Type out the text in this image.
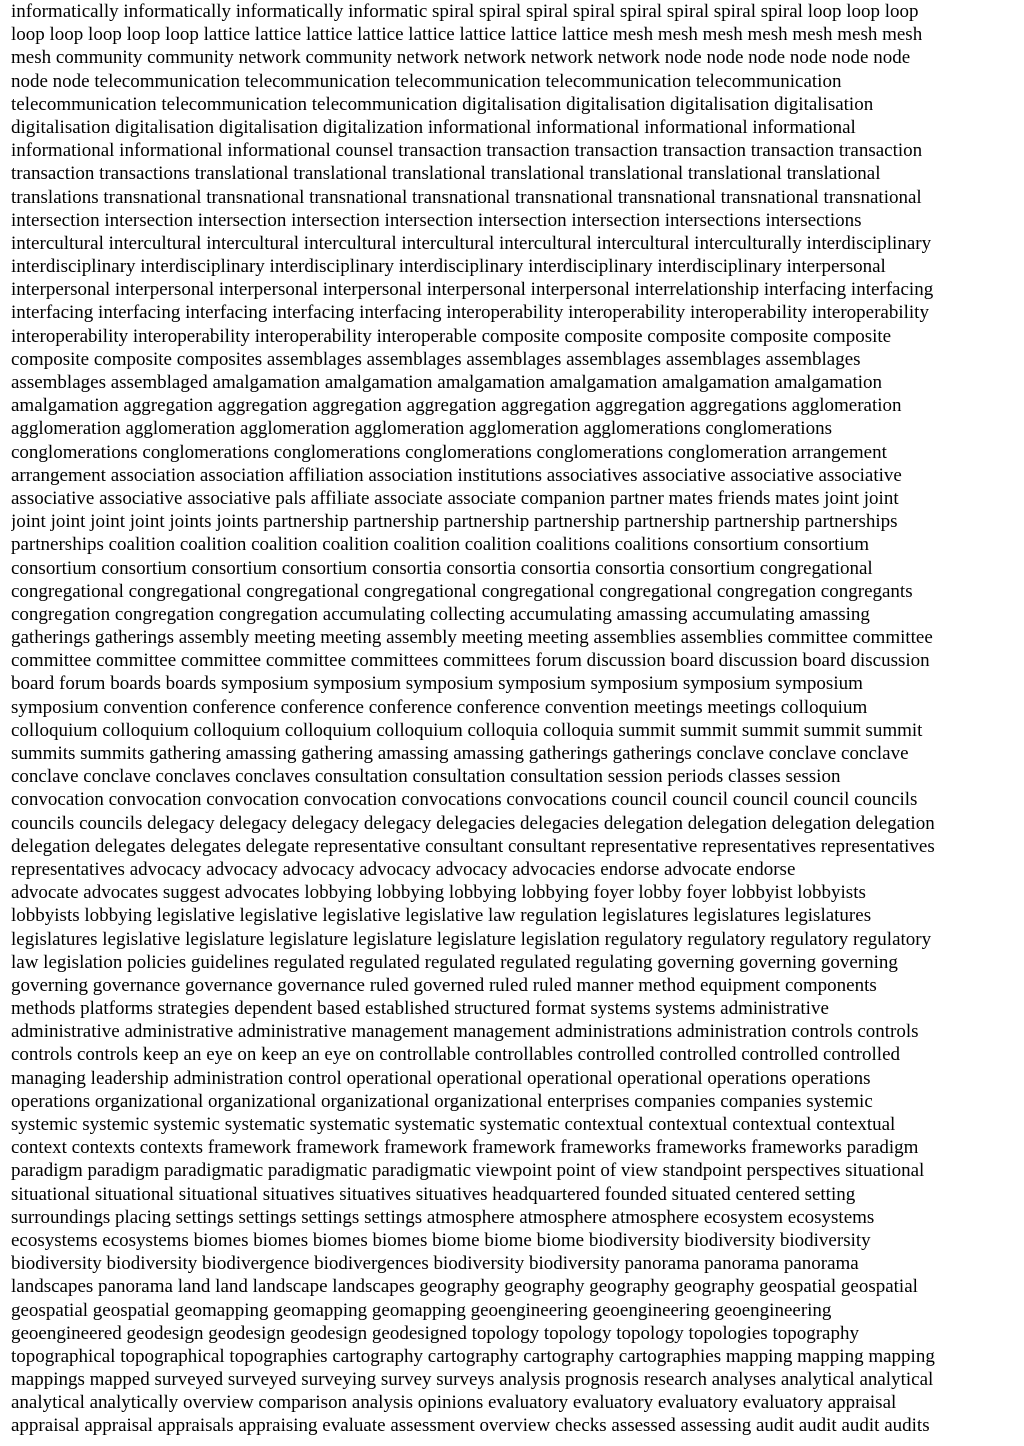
informatically informatically informatically informatic spiral spiral spiral spiral spiral spiral spiral spiral loop loop loop
loop loop loop loop loop lattice lattice lattice lattice lattice lattice lattice lattice mesh mesh mesh mesh mesh mesh mesh
mesh community community network community network network network network node node node node node node
node node telecommunication telecommunication telecommunication telecommunication telecommunication
telecommunication telecommunication telecommunication digitalisation digitalisation digitalisation digitalisation
digitalisation digitalisation digitalisation digitalization informational informational informational informational
informational informational informational counsel transaction transaction transaction transaction transaction transaction
transaction transactions translational translational translational translational translational translational translational
translations transnational transnational transnational transnational transnational transnational transnational transnational
intersection intersection intersection intersection intersection intersection intersection intersections intersections
intercultural intercultural intercultural intercultural intercultural intercultural intercultural interculturally interdisciplinary
interdisciplinary interdisciplinary interdisciplinary interdisciplinary interdisciplinary interdisciplinary interpersonal
interpersonal interpersonal interpersonal interpersonal interpersonal interpersonal interrelationship interfacing interfacing
interfacing interfacing interfacing interfacing interfacing interoperability interoperability interoperability interoperability
interoperability interoperability interoperability interoperable composite composite composite composite composite
composite composite composites assemblages assemblages assemblages assemblages assemblages assemblages
assemblages assemblaged amalgamation amalgamation amalgamation amalgamation amalgamation amalgamation
amalgamation aggregation aggregation aggregation aggregation aggregation aggregation aggregations agglomeration
agglomeration agglomeration agglomeration agglomeration agglomeration agglomerations conglomerations
conglomerations conglomerations conglomerations conglomerations conglomerations conglomeration arrangement
arrangement association association affiliation association institutions associatives associative associative associative
associative associative associative pals affiliate associate associate companion partner mates friends mates joint joint
joint joint joint joint joints joints partnership partnership partnership partnership partnership partnership partnerships
partnerships coalition coalition coalition coalition coalition coalition coalitions coalitions consortium consortium
consortium consortium consortium consortium consortia consortia consortia consortia consortium congregational
congregational congregational congregational congregational congregational congregational congregation congregants
congregation congregation congregation accumulating collecting accumulating amassing accumulating amassing
gatherings gatherings assembly meeting meeting assembly meeting meeting assemblies assemblies committee committee
committee committee committee committee committees committees forum discussion board discussion board discussion
board forum boards boards symposium symposium symposium symposium symposium symposium symposium
symposium convention conference conference conference conference convention meetings meetings colloquium
colloquium colloquium colloquium colloquium colloquium colloquia colloquia summit summit summit summit summit
summits summits gathering amassing gathering amassing amassing gatherings gatherings conclave conclave conclave
conclave conclave conclaves conclaves consultation consultation consultation session periods classes session
convocation convocation convocation convocation convocations convocations council council council council councils
councils councils delegacy delegacy delegacy delegacy delegacies delegacies delegation delegation delegation delegation
delegation delegates delegates delegate representative consultant consultant representative representatives representatives
representatives advocacy advocacy advocacy advocacy advocacy advocacies endorse advocate endorse
advocate advocates suggest advocates lobbying lobbying lobbying lobbying foyer lobby foyer lobbyist lobbyists
lobbyists lobbying legislative legislative legislative legislative law regulation legislatures legislatures legislatures
legislatures legislative legislature legislature legislature legislature legislation regulatory regulatory regulatory regulatory
law legislation policies guidelines regulated regulated regulated regulated regulating governing governing governing
governing governance governance governance ruled governed ruled ruled manner method equipment components
methods platforms strategies dependent based established structured format systems systems administrative
administrative administrative administrative management management administrations administration controls controls
controls controls keep an eye on keep an eye on controllable controllables controlled controlled controlled controlled
managing leadership administration control operational operational operational operational operations operations
operations organizational organizational organizational organizational enterprises companies companies systemic
systemic systemic systemic systematic systematic systematic systematic contextual contextual contextual contextual
context contexts contexts framework framework framework framework frameworks frameworks frameworks paradigm
paradigm paradigm paradigmatic paradigmatic paradigmatic viewpoint point of view standpoint perspectives situational
situational situational situational situatives situatives situatives headquartered founded situated centered setting
surroundings placing settings settings settings settings atmosphere atmosphere atmosphere ecosystem ecosystems
ecosystems ecosystems biomes biomes biomes biomes biome biome biome biodiversity biodiversity biodiversity
biodiversity biodiversity biodivergence biodivergences biodiversity biodiversity panorama panorama panorama
landscapes panorama land land landscape landscapes geography geography geography geography geospatial geospatial
geospatial geospatial geomapping geomapping geomapping geoengineering geoengineering geoengineering
geoengineered geodesign geodesign geodesign geodesigned topology topology topology topologies topography
topographical topographical topographies cartography cartography cartography cartographies mapping mapping mapping
mappings mapped surveyed surveyed surveying survey surveys analysis prognosis research analyses analytical analytical
analytical analytically overview comparison analysis opinions evaluatory evaluatory evaluatory evaluatory appraisal
appraisal appraisal appraisals appraising evaluate assessment overview checks assessed assessing audit audit audit audits
